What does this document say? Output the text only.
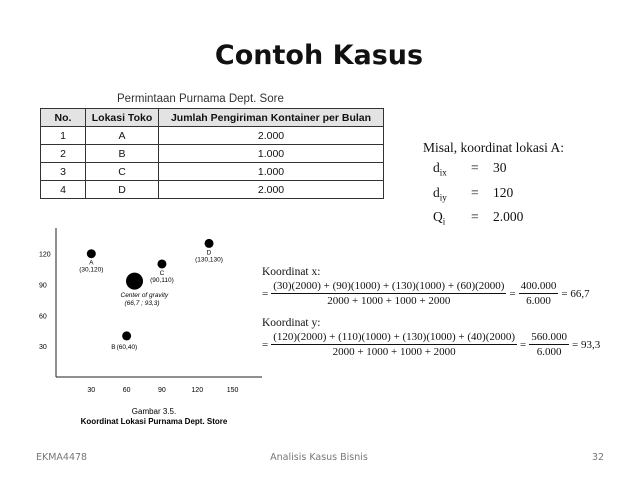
Contoh Kasus
Permintaan Purnama Dept. Sore
No.	Lokasi Toko	Jumlah Pengiriman Kontainer per Bulan
1	A	2.000
2	B	1.000
3	C	1.000
4	D	2.000
Misal, koordinat lokasi A:
$d_{ix}$	=	30
$d_{iy}$	=	120
$Q_i$	=	2.000
Koordinat x:
= $\frac{(30)(2000) + (90)(1000) + (130)(1000) + (60)(2000)}{2000 + 1000 + 1000 + 2000} = \frac{400.000}{6.000} = 66,7$
Koordinat y:
= $\frac{(120)(2000) + (110)(1000) + (130)(1000) + (40)(2000)}{2000 + 1000 + 1000 + 2000} = \frac{560.000}{6.000} = 93,3$
30	60	90	120	150
30
60
90
120
A
(30,120)
B (60,40)
C
(90,110)
D
(130,130)
Center of gravity
(66,7 ; 93,3)
Gambar 3.5.
Koordinat Lokasi Purnama Dept. Store
EKMA4478	Analisis Kasus Bisnis	32
